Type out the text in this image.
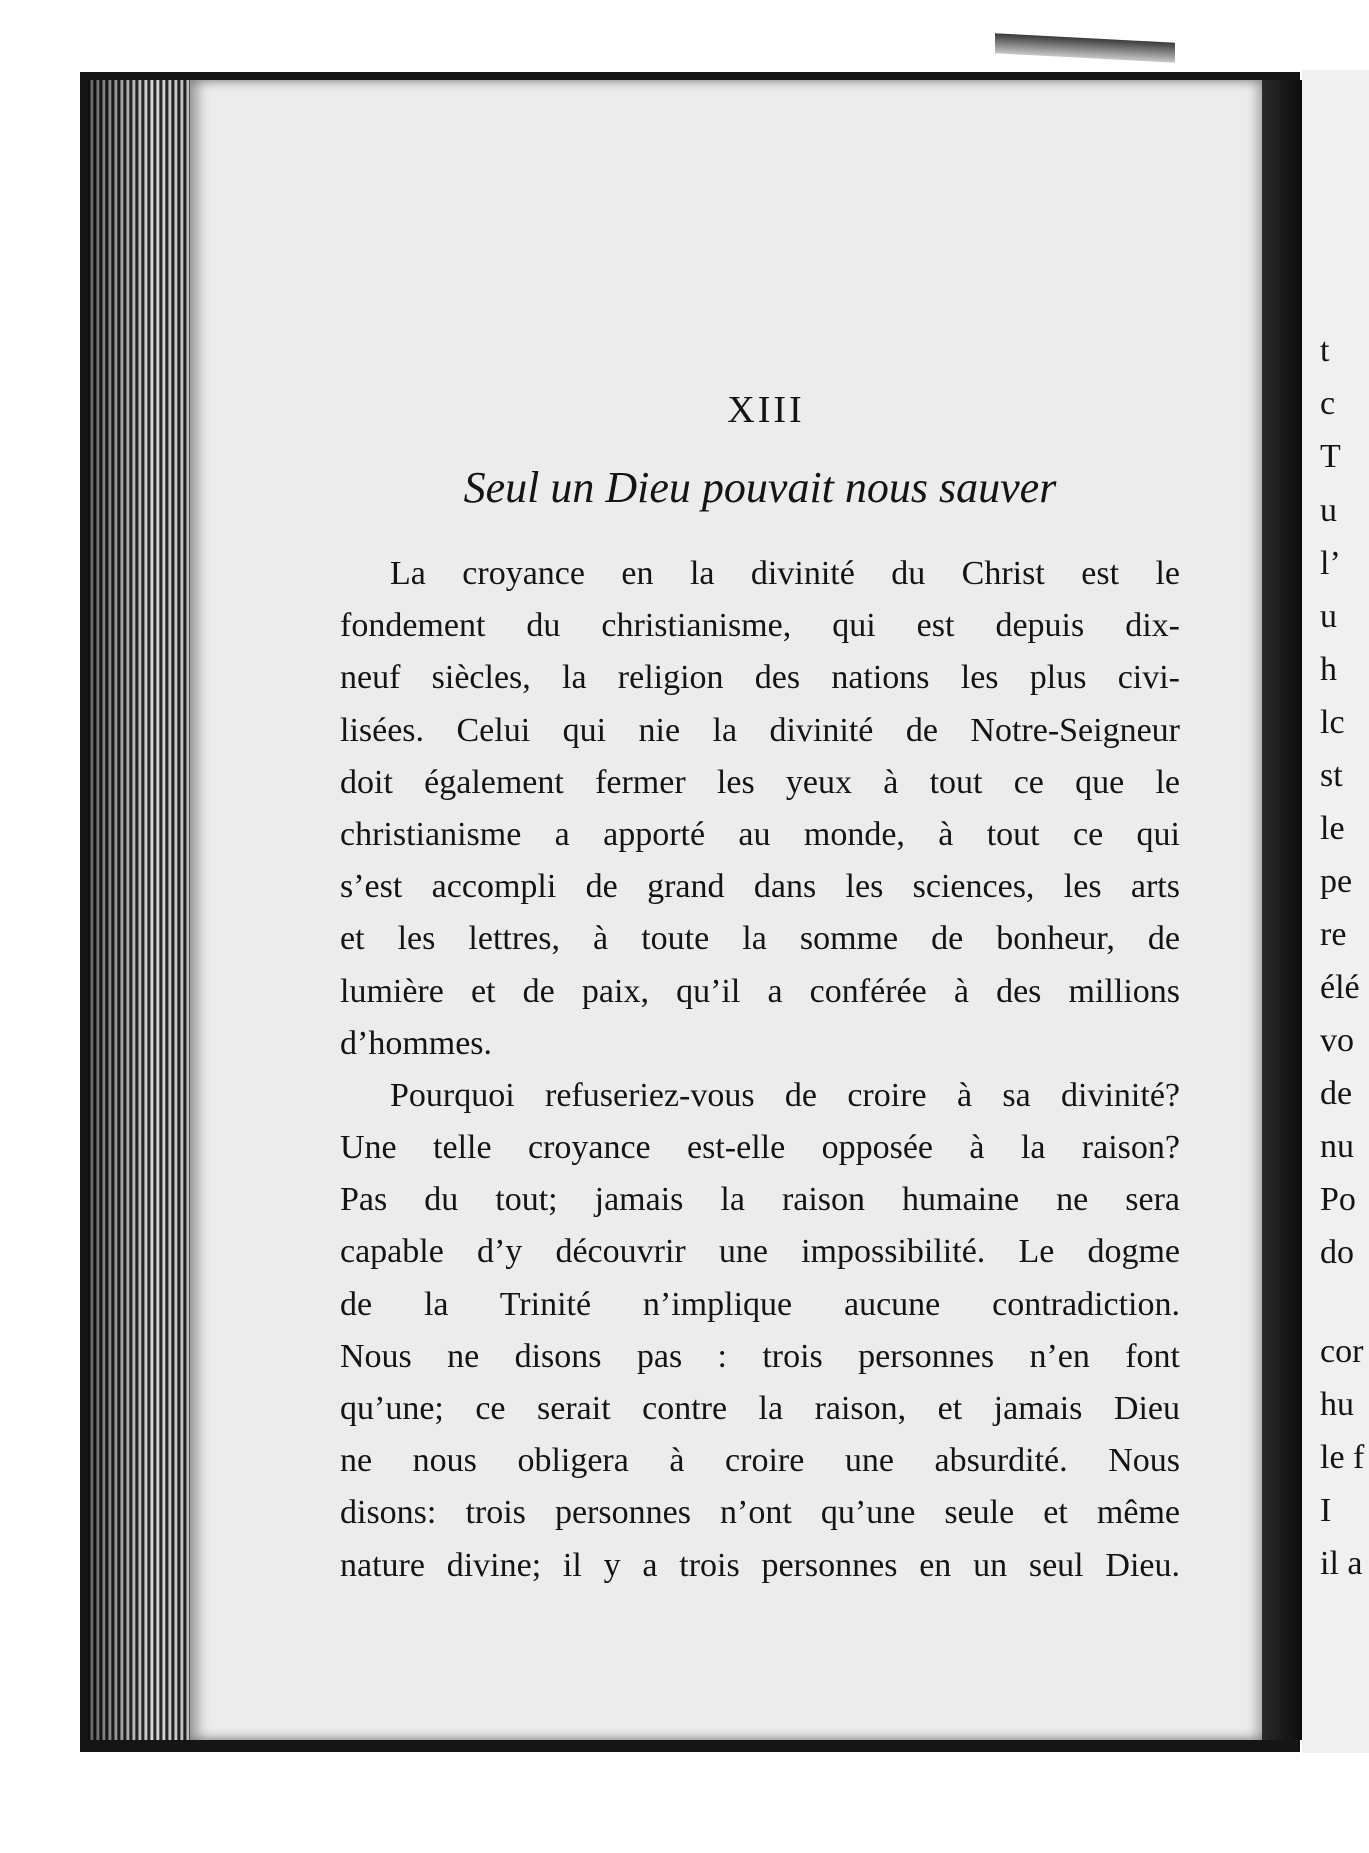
XIII
Seul un Dieu pouvait nous sauver
La croyance en la divinité du Christ est le
fondement du christianisme, qui est depuis dix-
neuf siècles, la religion des nations les plus civi-
lisées. Celui qui nie la divinité de Notre-Seigneur
doit également fermer les yeux à tout ce que le
christianisme a apporté au monde, à tout ce qui
s’est accompli de grand dans les sciences, les arts
et les lettres, à toute la somme de bonheur, de
lumière et de paix, qu’il a conférée à des millions
d’hommes.
Pourquoi refuseriez-vous de croire à sa divinité?
Une telle croyance est-elle opposée à la raison?
Pas du tout; jamais la raison humaine ne sera
capable d’y découvrir une impossibilité. Le dogme
de la Trinité n’implique aucune contradiction.
Nous ne disons pas : trois personnes n’en font
qu’une; ce serait contre la raison, et jamais Dieu
ne nous obligera à croire une absurdité. Nous
disons: trois personnes n’ont qu’une seule et même
nature divine; il y a trois personnes en un seul Dieu.
t
c
T
u
l’
u
h
lc
st
le
pe
re
élé
vo
de
nu
Po
do
cor
hu
le f
I
il a
